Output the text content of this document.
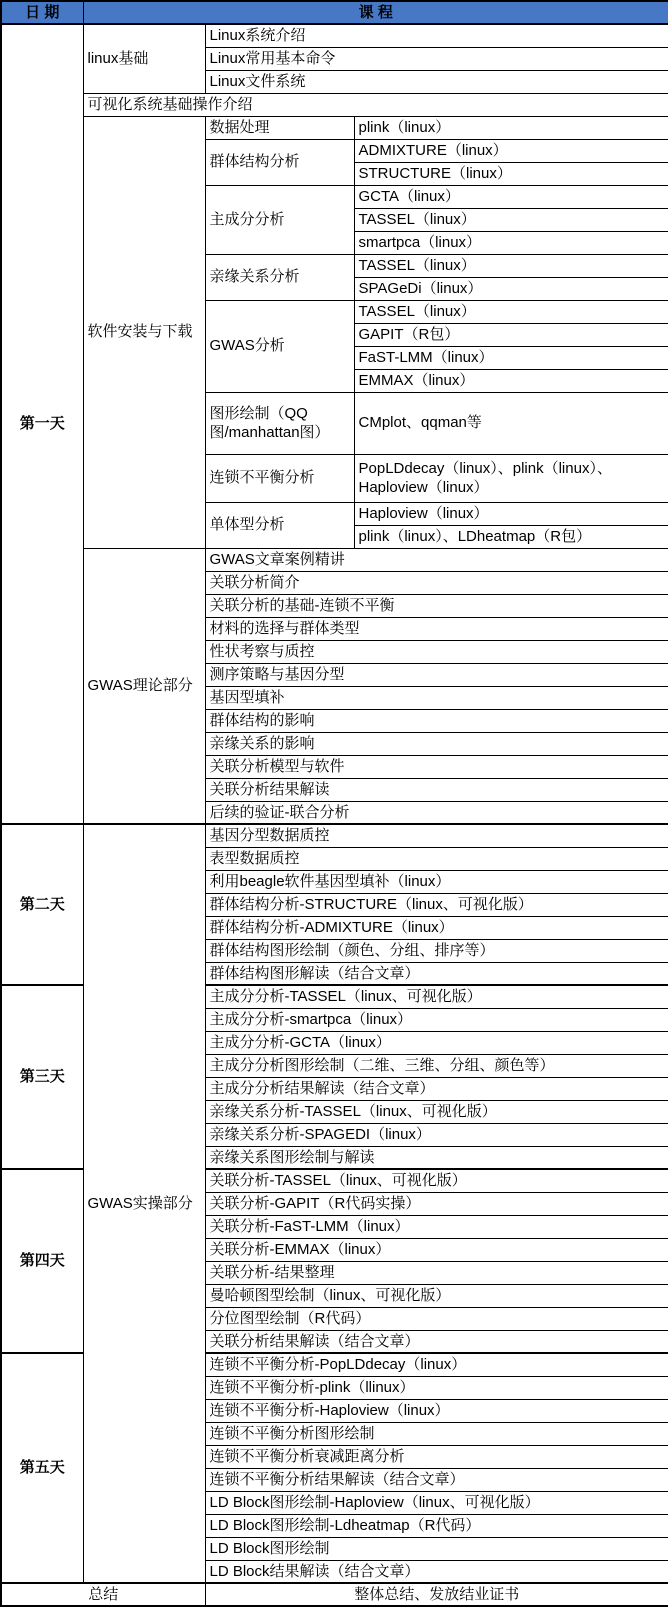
日 期	课 程		
第一天	linux基础	Linux系统介绍	
		Linux常用基本命令	
		Linux文件系统	
	可视化系统基础操作介绍		
	软件安装与下载	数据处理	plink（linux）
		群体结构分析	ADMIXTURE（linux）
			STRUCTURE（linux）
		主成分分析	GCTA（linux）
			TASSEL（linux）
			smartpca（linux）
		亲缘关系分析	TASSEL（linux）
			SPAGeDi（linux）
		GWAS分析	TASSEL（linux）
			GAPIT（R包）
			FaST-LMM（linux）
			EMMAX（linux）
		图形绘制（QQ图/manhattan图）	CMplot、qqman等
		连锁不平衡分析	PopLDdecay（linux）、plink（linux）、Haploview（linux）
		单体型分析	Haploview（linux）
			plink（linux）、LDheatmap（R包）
	GWAS理论部分	GWAS文章案例精讲	
		关联分析简介	
		关联分析的基础-连锁不平衡	
		材料的选择与群体类型	
		性状考察与质控	
		测序策略与基因分型	
		基因型填补	
		群体结构的影响	
		亲缘关系的影响	
		关联分析模型与软件	
		关联分析结果解读	
		后续的验证-联合分析	
第二天	GWAS实操部分	基因分型数据质控	
		表型数据质控	
		利用beagle软件基因型填补（linux）	
		群体结构分析-STRUCTURE（linux、可视化版）	
		群体结构分析-ADMIXTURE（linux）	
		群体结构图形绘制（颜色、分组、排序等）	
		群体结构图形解读（结合文章）	
第三天		主成分分析-TASSEL（linux、可视化版）	
		主成分分析-smartpca（linux）	
		主成分分析-GCTA（linux）	
		主成分分析图形绘制（二维、三维、分组、颜色等）	
		主成分分析结果解读（结合文章）	
		亲缘关系分析-TASSEL（linux、可视化版）	
		亲缘关系分析-SPAGEDI（linux）	
		亲缘关系图形绘制与解读	
第四天		关联分析-TASSEL（linux、可视化版）	
		关联分析-GAPIT（R代码实操）	
		关联分析-FaST-LMM（linux）	
		关联分析-EMMAX（linux）	
		关联分析-结果整理	
		曼哈顿图型绘制（linux、可视化版）	
		分位图型绘制（R代码）	
		关联分析结果解读（结合文章）	
第五天		连锁不平衡分析-PopLDdecay（linux）	
		连锁不平衡分析-plink（llinux）	
		连锁不平衡分析-Haploview（linux）	
		连锁不平衡分析图形绘制	
		连锁不平衡分析衰减距离分析	
		连锁不平衡分析结果解读（结合文章）	
		LD Block图形绘制-Haploview（linux、可视化版）	
		LD Block图形绘制-Ldheatmap（R代码）	
		LD Block图形绘制	
		LD Block结果解读（结合文章）	
总结		整体总结、发放结业证书	
